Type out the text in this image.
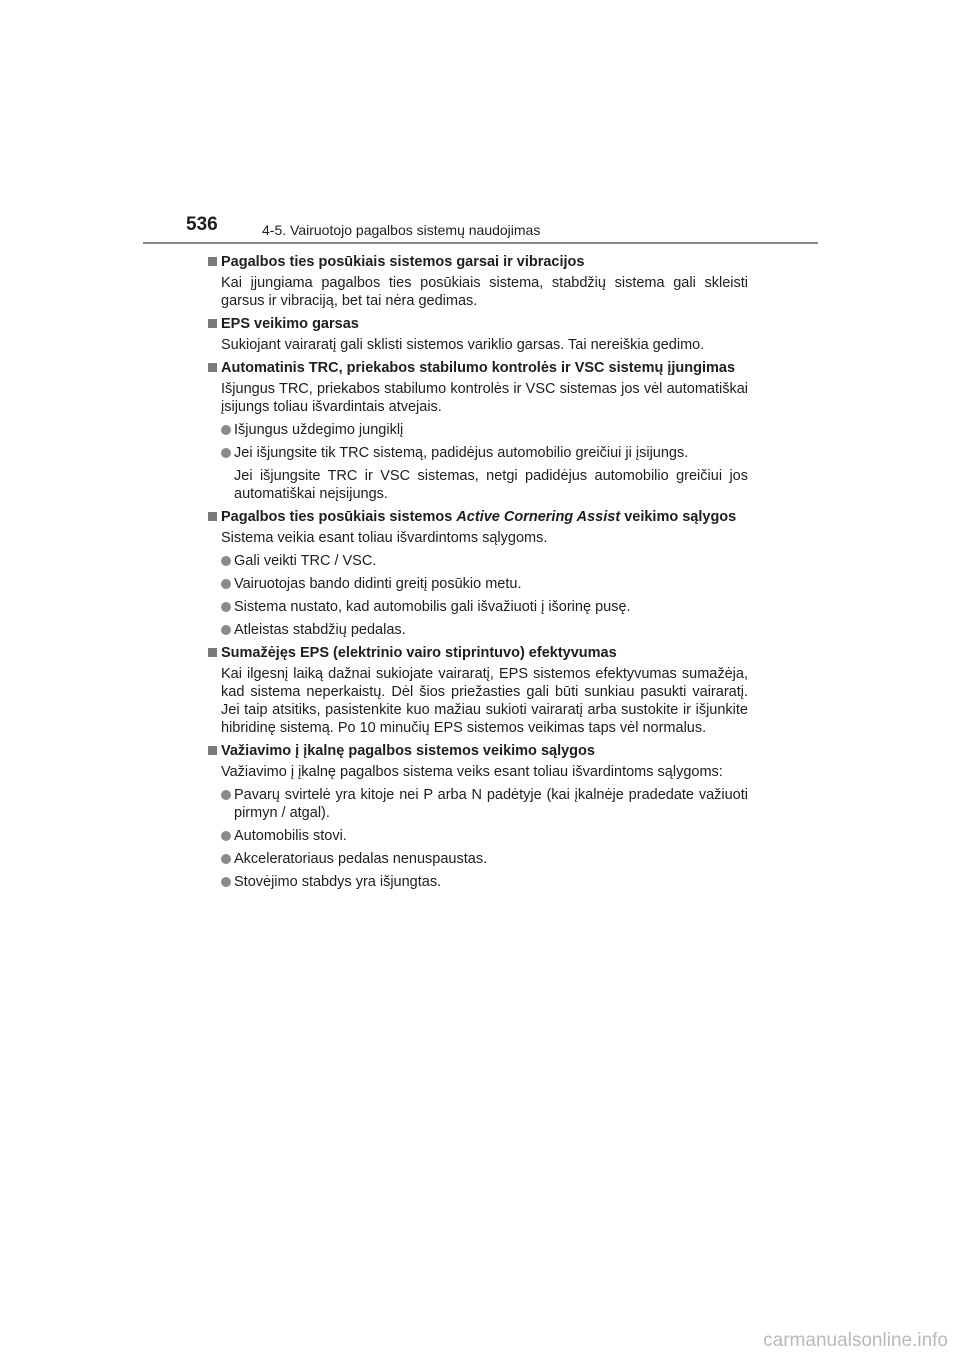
536	4-5. Vairuotojo pagalbos sistemų naudojimas
Pagalbos ties posūkiais sistemos garsai ir vibracijos
Kai įjungiama pagalbos ties posūkiais sistema, stabdžių sistema gali skleisti garsus ir vibraciją, bet tai nėra gedimas.
EPS veikimo garsas
Sukiojant vairaratį gali sklisti sistemos variklio garsas. Tai nereiškia gedimo.
Automatinis TRC, priekabos stabilumo kontrolės ir VSC sistemų įjungimas
Išjungus TRC, priekabos stabilumo kontrolės ir VSC sistemas jos vėl automatiškai įsijungs toliau išvardintais atvejais.
Išjungus uždegimo jungiklį
Jei išjungsite tik TRC sistemą, padidėjus automobilio greičiui ji įsijungs.
Jei išjungsite TRC ir VSC sistemas, netgi padidėjus automobilio greičiui jos automatiškai neįsijungs.
Pagalbos ties posūkiais sistemos Active Cornering Assist veikimo sąlygos
Sistema veikia esant toliau išvardintoms sąlygoms.
Gali veikti TRC / VSC.
Vairuotojas bando didinti greitį posūkio metu.
Sistema nustato, kad automobilis gali išvažiuoti į išorinę pusę.
Atleistas stabdžių pedalas.
Sumažėjęs EPS (elektrinio vairo stiprintuvo) efektyvumas
Kai ilgesnį laiką dažnai sukiojate vairaratį, EPS sistemos efektyvumas sumažėja, kad sistema neperkaistų. Dėl šios priežasties gali būti sunkiau pasukti vairaratį. Jei taip atsitiks, pasistenkite kuo mažiau sukioti vairaratį arba sustokite ir išjunkite hibridinę sistemą. Po 10 minučių EPS sistemos veikimas taps vėl normalus.
Važiavimo į įkalnę pagalbos sistemos veikimo sąlygos
Važiavimo į įkalnę pagalbos sistema veiks esant toliau išvardintoms sąlygoms:
Pavarų svirtelė yra kitoje nei P arba N padėtyje (kai įkalnėje pradedate važiuoti pirmyn / atgal).
Automobilis stovi.
Akceleratoriaus pedalas nenuspaustas.
Stovėjimo stabdys yra išjungtas.
carmanualsonline.info
